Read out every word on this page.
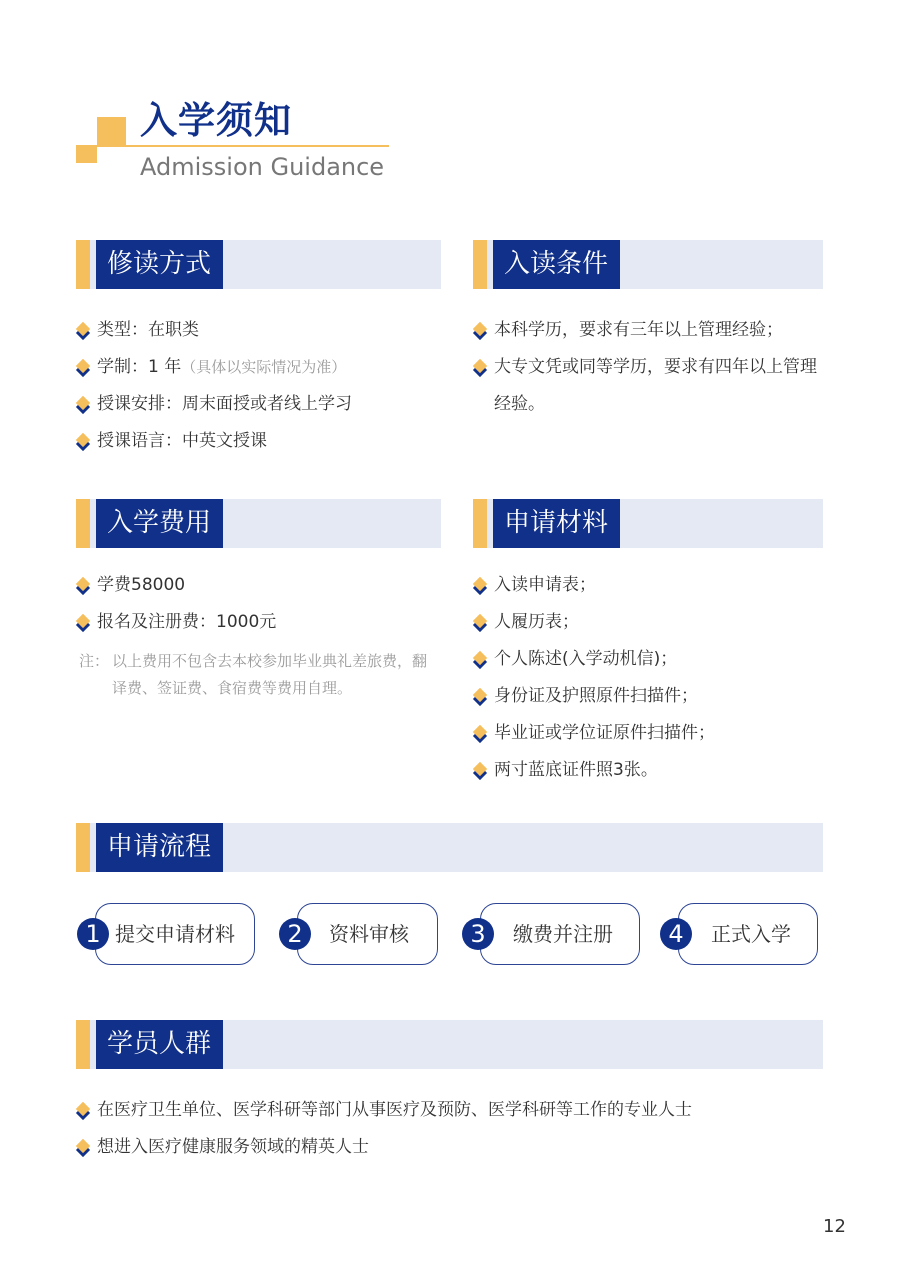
入学须知
Admission Guidance
修读方式
类型：在职类
学制：1 年（具体以实际情况为准）
授课安排：周末面授或者线上学习
授课语言：中英文授课
入读条件
本科学历，要求有三年以上管理经验；
大专文凭或同等学历，要求有四年以上管理经验。
入学费用
学费58000
报名及注册费：1000元
注： 以上费用不包含去本校参加毕业典礼差旅费，翻译费、签证费、食宿费等费用自理。
申请材料
入读申请表；
人履历表；
个人陈述(入学动机信)；
身份证及护照原件扫描件；
毕业证或学位证原件扫描件；
两寸蓝底证件照3张。
申请流程
1 提交申请材料	2	资料审核	3	缴费并注册	4	正式入学
学员人群
在医疗卫生单位、医学科研等部门从事医疗及预防、医学科研等工作的专业人士
想进入医疗健康服务领域的精英人士
12
